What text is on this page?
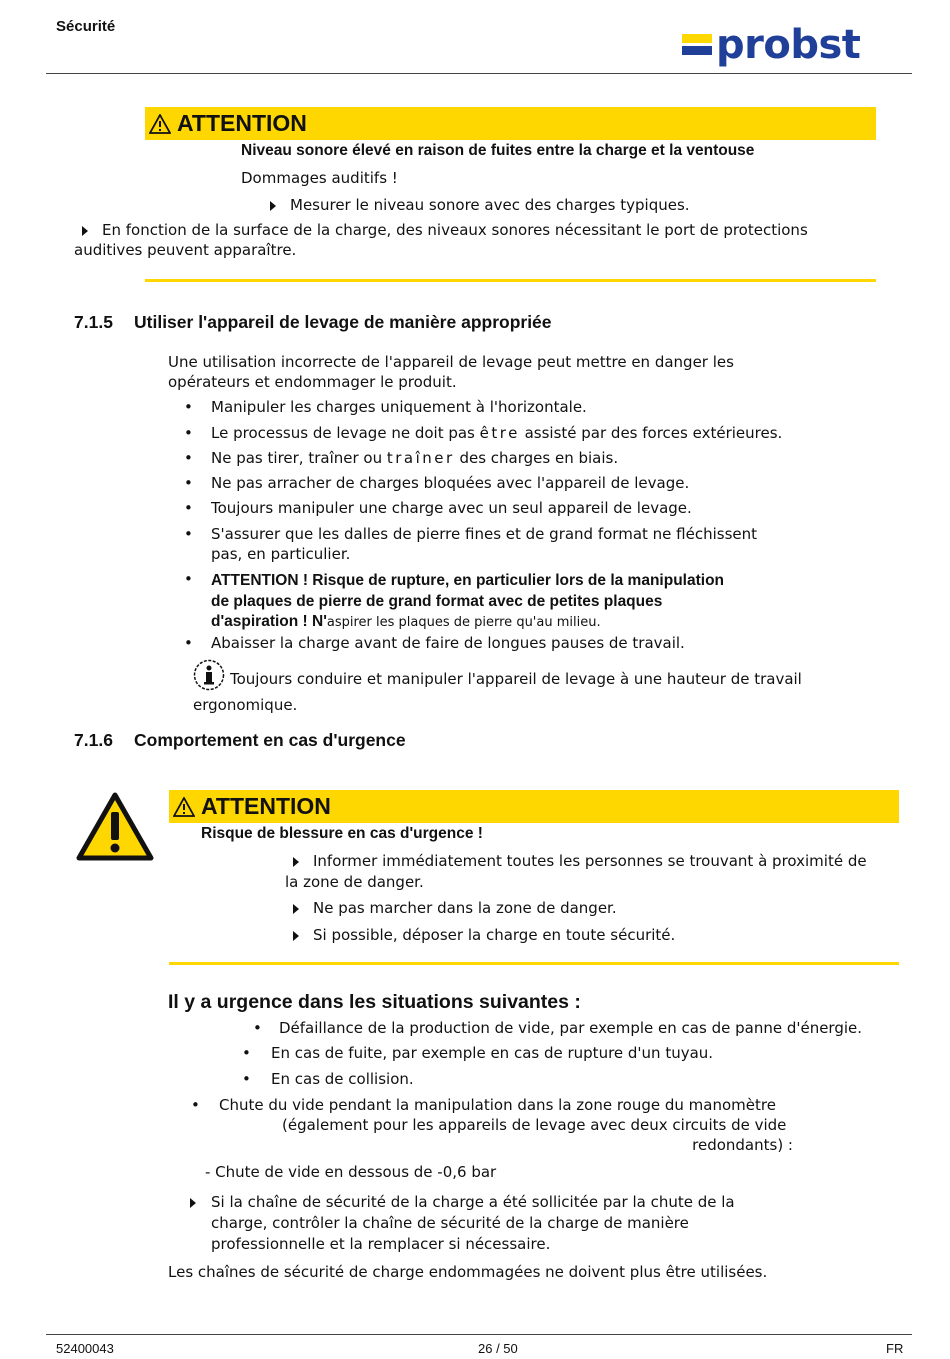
Sécurité	probst
ATTENTION
Niveau sonore élevé en raison de fuites entre la charge et la ventouse
Dommages auditifs !
Mesurer le niveau sonore avec des charges typiques.
En fonction de la surface de la charge, des niveaux sonores nécessitant le port de protections auditives peuvent apparaître.
7.1.5 Utiliser l'appareil de levage de manière appropriée
Une utilisation incorrecte de l'appareil de levage peut mettre en danger les opérateurs et endommager le produit.
• Manipuler les charges uniquement à l'horizontale.
• Le processus de levage ne doit pas être assisté par des forces extérieures.
• Ne pas tirer, traîner ou traîner des charges en biais.
• Ne pas arracher de charges bloquées avec l'appareil de levage.
• Toujours manipuler une charge avec un seul appareil de levage.
• S'assurer que les dalles de pierre fines et de grand format ne fléchissent pas, en particulier.
• ATTENTION ! Risque de rupture, en particulier lors de la manipulation de plaques de pierre de grand format avec de petites plaques d'aspiration ! N'aspirer les plaques de pierre qu'au milieu.
• Abaisser la charge avant de faire de longues pauses de travail.
Toujours conduire et manipuler l'appareil de levage à une hauteur de travail ergonomique.
7.1.6 Comportement en cas d'urgence
ATTENTION
Risque de blessure en cas d'urgence !
Informer immédiatement toutes les personnes se trouvant à proximité de la zone de danger.
Ne pas marcher dans la zone de danger.
Si possible, déposer la charge en toute sécurité.
Il y a urgence dans les situations suivantes :
• Défaillance de la production de vide, par exemple en cas de panne d'énergie.
• En cas de fuite, par exemple en cas de rupture d'un tuyau.
• En cas de collision.
• Chute du vide pendant la manipulation dans la zone rouge du manomètre
(également pour les appareils de levage avec deux circuits de vide
redondants) :
- Chute de vide en dessous de -0,6 bar
Si la chaîne de sécurité de la charge a été sollicitée par la chute de la charge, contrôler la chaîne de sécurité de la charge de manière professionnelle et la remplacer si nécessaire.
Les chaînes de sécurité de charge endommagées ne doivent plus être utilisées.
52400043	26 / 50	FR
